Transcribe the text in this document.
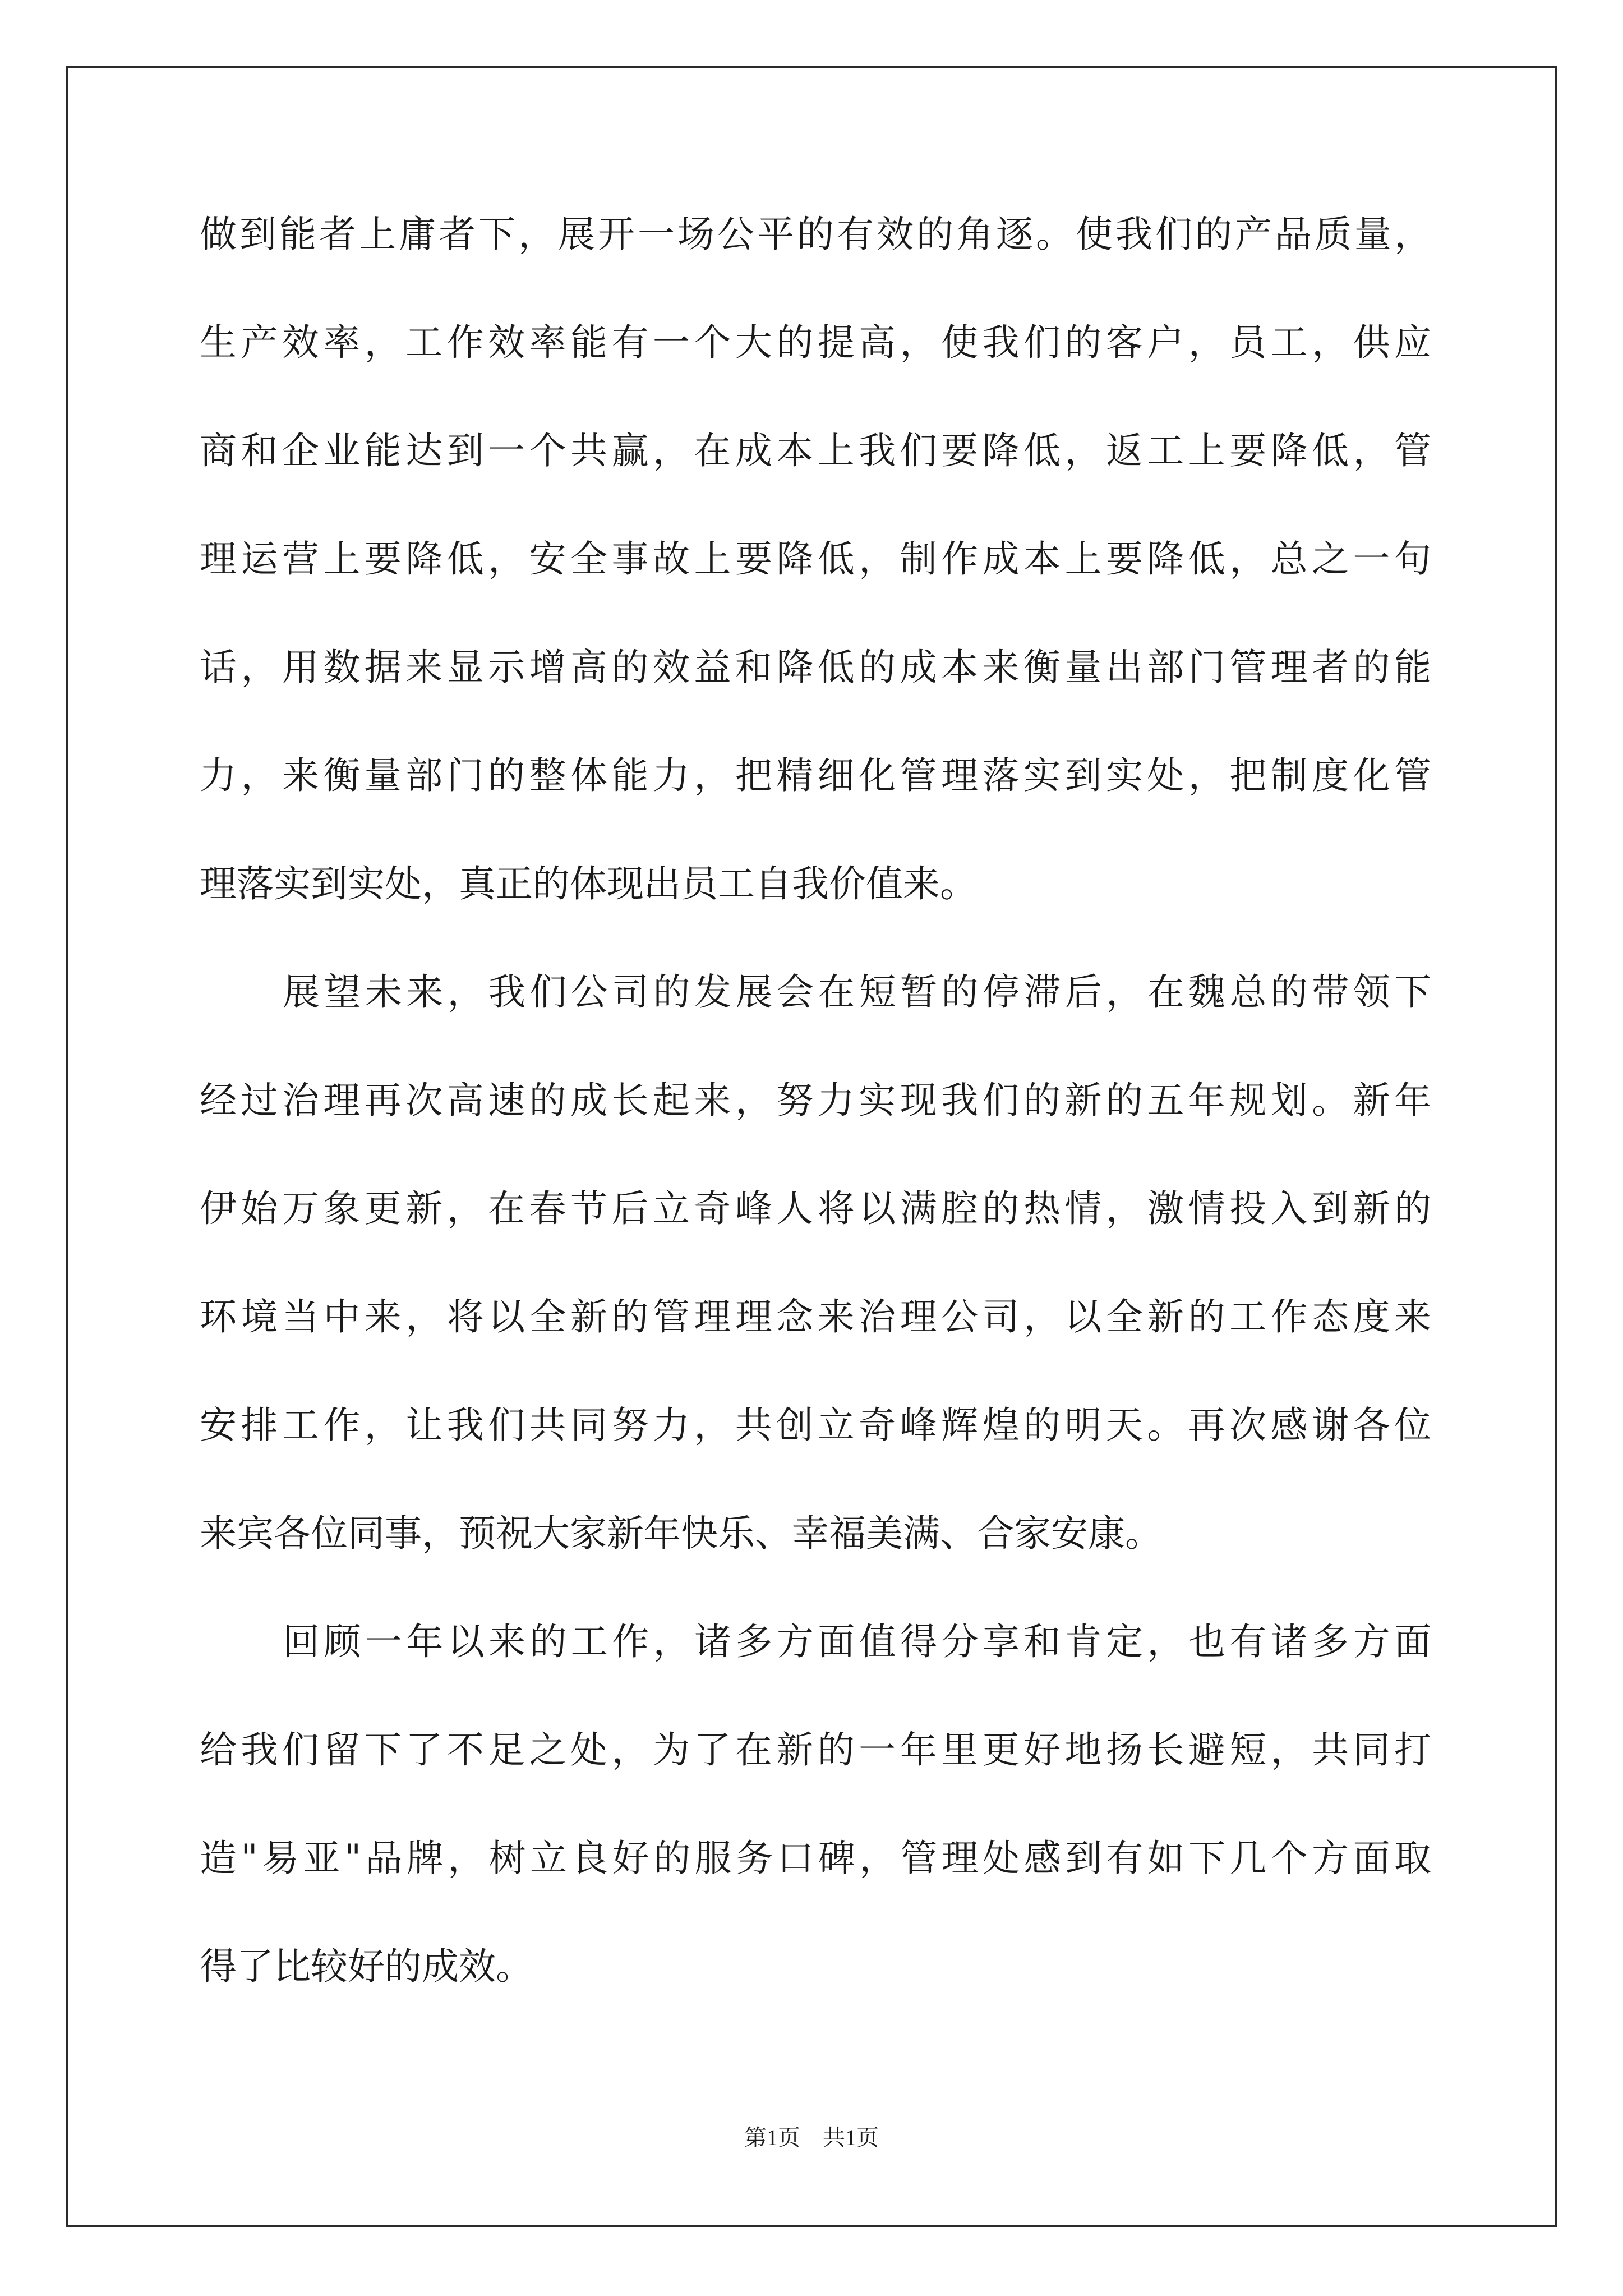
做到能者上庸者下，展开一场公平的有效的角逐。使我们的产品质量，
生产效率，工作效率能有一个大的提高，使我们的客户，员工，供应
商和企业能达到一个共赢，在成本上我们要降低，返工上要降低，管
理运营上要降低，安全事故上要降低，制作成本上要降低，总之一句
话，用数据来显示增高的效益和降低的成本来衡量出部门管理者的能
力，来衡量部门的整体能力，把精细化管理落实到实处，把制度化管
理落实到实处，真正的体现出员工自我价值来。
展望未来，我们公司的发展会在短暂的停滞后，在魏总的带领下
经过治理再次高速的成长起来，努力实现我们的新的五年规划。新年
伊始万象更新，在春节后立奇峰人将以满腔的热情，激情投入到新的
环境当中来，将以全新的管理理念来治理公司，以全新的工作态度来
安排工作，让我们共同努力，共创立奇峰辉煌的明天。再次感谢各位
来宾各位同事，预祝大家新年快乐、幸福美满、合家安康。
回顾一年以来的工作，诸多方面值得分享和肯定，也有诸多方面
给我们留下了不足之处，为了在新的一年里更好地扬长避短，共同打
造"易亚"品牌，树立良好的服务口碑，管理处感到有如下几个方面取
得了比较好的成效。
第1页 共1页
